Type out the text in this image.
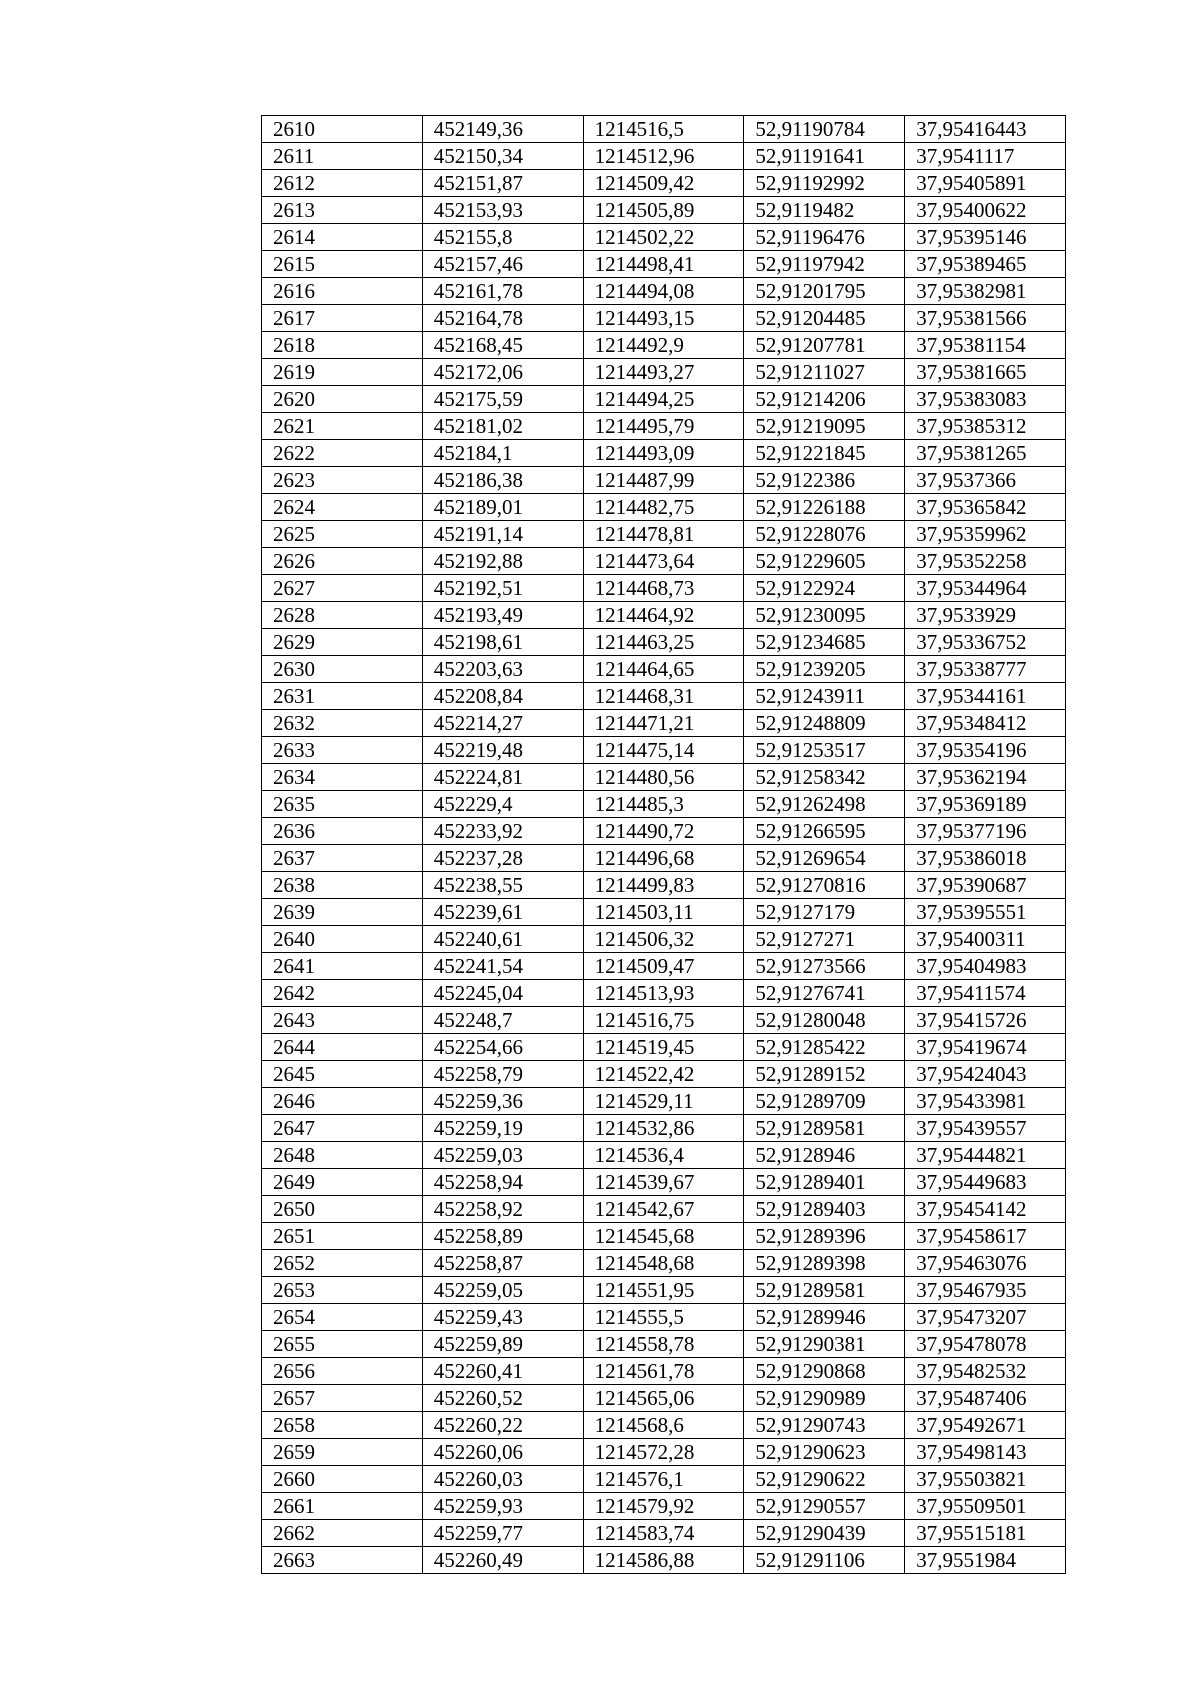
2610	452149,36	1214516,5	52,91190784	37,95416443
2611	452150,34	1214512,96	52,91191641	37,9541117
2612	452151,87	1214509,42	52,91192992	37,95405891
2613	452153,93	1214505,89	52,9119482	37,95400622
2614	452155,8	1214502,22	52,91196476	37,95395146
2615	452157,46	1214498,41	52,91197942	37,95389465
2616	452161,78	1214494,08	52,91201795	37,95382981
2617	452164,78	1214493,15	52,91204485	37,95381566
2618	452168,45	1214492,9	52,91207781	37,95381154
2619	452172,06	1214493,27	52,91211027	37,95381665
2620	452175,59	1214494,25	52,91214206	37,95383083
2621	452181,02	1214495,79	52,91219095	37,95385312
2622	452184,1	1214493,09	52,91221845	37,95381265
2623	452186,38	1214487,99	52,9122386	37,9537366
2624	452189,01	1214482,75	52,91226188	37,95365842
2625	452191,14	1214478,81	52,91228076	37,95359962
2626	452192,88	1214473,64	52,91229605	37,95352258
2627	452192,51	1214468,73	52,9122924	37,95344964
2628	452193,49	1214464,92	52,91230095	37,9533929
2629	452198,61	1214463,25	52,91234685	37,95336752
2630	452203,63	1214464,65	52,91239205	37,95338777
2631	452208,84	1214468,31	52,91243911	37,95344161
2632	452214,27	1214471,21	52,91248809	37,95348412
2633	452219,48	1214475,14	52,91253517	37,95354196
2634	452224,81	1214480,56	52,91258342	37,95362194
2635	452229,4	1214485,3	52,91262498	37,95369189
2636	452233,92	1214490,72	52,91266595	37,95377196
2637	452237,28	1214496,68	52,91269654	37,95386018
2638	452238,55	1214499,83	52,91270816	37,95390687
2639	452239,61	1214503,11	52,9127179	37,95395551
2640	452240,61	1214506,32	52,9127271	37,95400311
2641	452241,54	1214509,47	52,91273566	37,95404983
2642	452245,04	1214513,93	52,91276741	37,95411574
2643	452248,7	1214516,75	52,91280048	37,95415726
2644	452254,66	1214519,45	52,91285422	37,95419674
2645	452258,79	1214522,42	52,91289152	37,95424043
2646	452259,36	1214529,11	52,91289709	37,95433981
2647	452259,19	1214532,86	52,91289581	37,95439557
2648	452259,03	1214536,4	52,9128946	37,95444821
2649	452258,94	1214539,67	52,91289401	37,95449683
2650	452258,92	1214542,67	52,91289403	37,95454142
2651	452258,89	1214545,68	52,91289396	37,95458617
2652	452258,87	1214548,68	52,91289398	37,95463076
2653	452259,05	1214551,95	52,91289581	37,95467935
2654	452259,43	1214555,5	52,91289946	37,95473207
2655	452259,89	1214558,78	52,91290381	37,95478078
2656	452260,41	1214561,78	52,91290868	37,95482532
2657	452260,52	1214565,06	52,91290989	37,95487406
2658	452260,22	1214568,6	52,91290743	37,95492671
2659	452260,06	1214572,28	52,91290623	37,95498143
2660	452260,03	1214576,1	52,91290622	37,95503821
2661	452259,93	1214579,92	52,91290557	37,95509501
2662	452259,77	1214583,74	52,91290439	37,95515181
2663	452260,49	1214586,88	52,91291106	37,9551984
